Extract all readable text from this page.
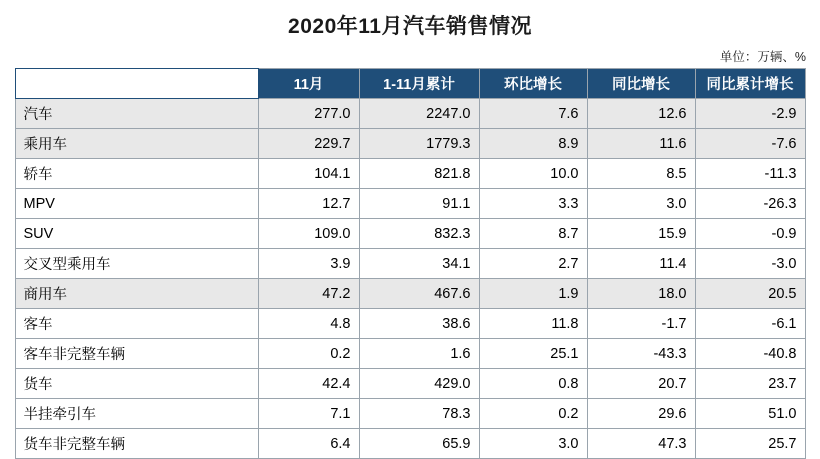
2020年11月汽车销售情况
单位：万辆、%
	11月	1-11月累计	环比增长	同比增长	同比累计增长
汽车	277.0	2247.0	7.6	12.6	-2.9
乘用车	229.7	1779.3	8.9	11.6	-7.6
轿车	104.1	821.8	10.0	8.5	-11.3
MPV	12.7	91.1	3.3	3.0	-26.3
SUV	109.0	832.3	8.7	15.9	-0.9
交叉型乘用车	3.9	34.1	2.7	11.4	-3.0
商用车	47.2	467.6	1.9	18.0	20.5
客车	4.8	38.6	11.8	-1.7	-6.1
客车非完整车辆	0.2	1.6	25.1	-43.3	-40.8
货车	42.4	429.0	0.8	20.7	23.7
半挂牵引车	7.1	78.3	0.2	29.6	51.0
货车非完整车辆	6.4	65.9	3.0	47.3	25.7
